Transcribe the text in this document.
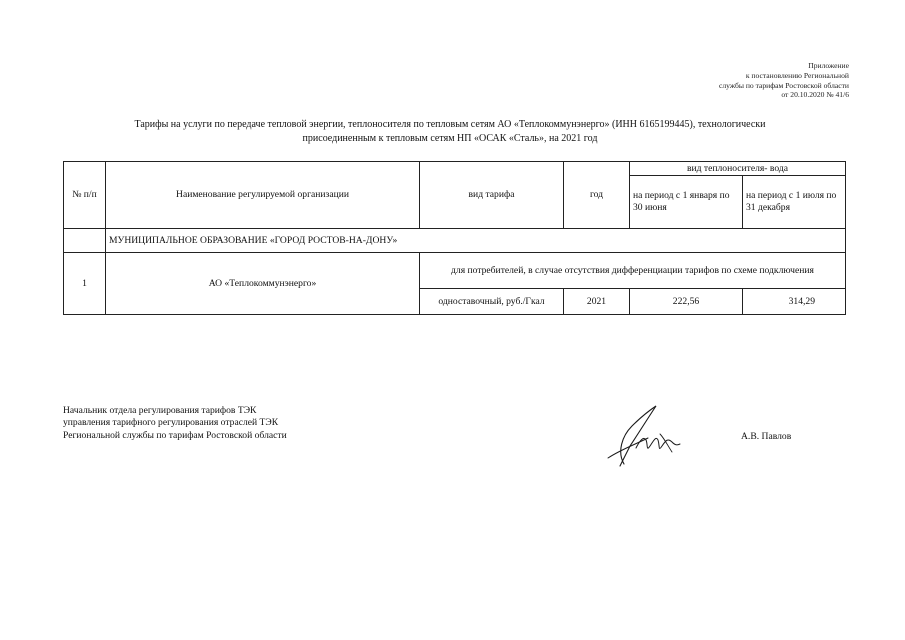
Приложение
к постановлению Региональной
службы по тарифам Ростовской области
от 20.10.2020 № 41/6
Тарифы на услуги по передаче тепловой энергии, теплоносителя по тепловым сетям АО «Теплокоммунэнерго» (ИНН 6165199445), технологически
присоединенным к тепловым сетям НП «ОСАК «Сталь», на 2021 год
№ п/п	Наименование регулируемой организации	вид тарифа	год	вид теплоносителя- вода	
				на период с 1 января по 30 июня	на период с 1 июля по 31 декабря
	МУНИЦИПАЛЬНОЕ ОБРАЗОВАНИЕ «ГОРОД РОСТОВ-НА-ДОНУ»				
1	АО «Теплокоммунэнерго»	для потребителей, в случае отсутствия дифференциации тарифов по схеме подключения			
		одноставочный, руб./Гкал	2021	222,56	314,29
Начальник отдела регулирования тарифов ТЭК
управления тарифного регулирования отраслей ТЭК
Региональной службы по тарифам Ростовской области	А.В. Павлов
